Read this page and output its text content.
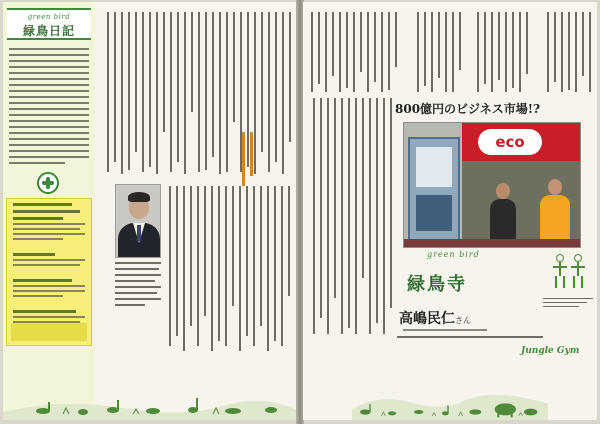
green bird
緑鳥日記
800億円のビジネス市場!?
eco
green bird
緑鳥寺
高嶋民仁さん
Jungle Gym
